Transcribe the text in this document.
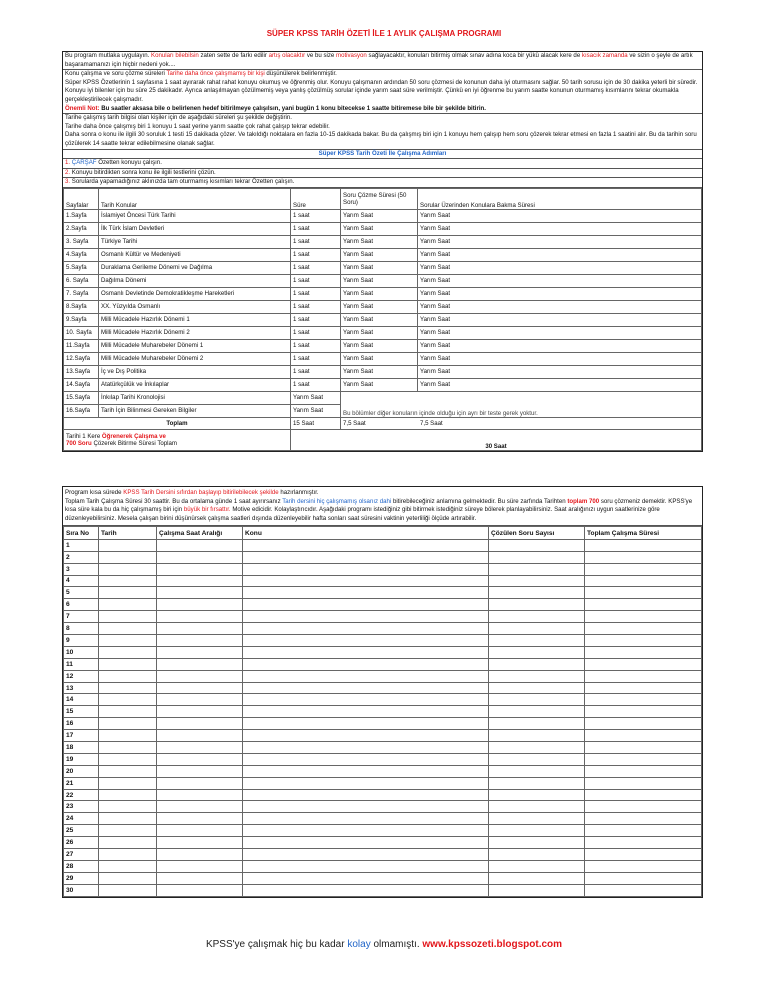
SÜPER KPSS TARİH ÖZETİ İLE 1 AYLIK ÇALIŞMA PROGRAMI
Bu program mutlaka uygulayın. Konuları bilebilsin zaten sette de farkı edilir artış olacaktır ve bu size motivasyon sağlayacaktır, konuları bitirmiş olmak sınav adına koca bir yükü alacak kere de kısacık zamanda ve sizin o şeyle de artık başaramamanızı için hiçbir nedeni yok....
Konu çalışma ve soru çözme süreleri Tarihe daha önce çalışmamış bir kişi düşünülerek belirlenmiştir.
Süper KPSS Özetlerinin 1 sayfasına 1 saat ayırarak rahat rahat konuyu okumuş ve öğrenmiş olur. Konuyu çalışmanın ardından 50 soru çözmesi de konunun daha iyi oturmasını sağlar. 50 tarih sorusu için de 30 dakika yeterli bir süredir. Konuyu iyi bilenler için bu süre 25 dakikadır. Ayrıca anlaşılmayan çözülmemiş veya yanlış çözülmüş sorular içinde yarım saat süre verilmiştir. Çünkü en iyi öğrenme bu yarım saatte konunun oturmamış kısımlarını tekrar okumakla gerçekleştirilecek çalışmadır.
Önemli Not: Bu saatler aksasa bile o belirlenen hedef bitirilmeye çalışılsın, yani bugün 1 konu bitecekse 1 saatte bitiremese bile bir şekilde bitirin.
Tarihe çalışmış tarih bilgisi olan kişiler için de aşağıdaki süreleri şu şekilde değiştirin.
Tarihe daha önce çalışmış biri 1 konuyu 1 saat yerine yarım saatte çok rahat çalışıp tekrar edebilir.
Daha sonra o konu ile ilgili 30 soruluk 1 testi 15 dakikada çözer. Ve takıldığı noktalara en fazla 10-15 dakikada bakar. Bu da çalışmış biri için 1 konuyu hem çalışıp hem soru çözerek tekrar etmesi en fazla 1 saatini alır. Bu da tarihin soru çözülerek 14 saatte tekrar edilebilmesine olanak sağlar.
Süper KPSS Tarih Özeti İle Çalışma Adımları
1. ÇARŞAF Özetten konuyu çalışın.
2. Konuyu bitirdikten sonra konu ile ilgili testlerini çözün.
3. Sorularda yapamadığınız aklınızda tam oturmamış kısımları tekrar Özetten çalışın.
Sayfalar	Tarih Konular	Süre	Soru Çözme Süresi (50 Soru)	Sorular Üzerinden Konulara Bakma Süresi
1.Sayfa	İslamiyet Öncesi Türk Tarihi	1 saat	Yarım Saat	Yarım Saat
2.Sayfa	İlk Türk İslam Devletleri	1 saat	Yarım Saat	Yarım Saat
3. Sayfa	Türkiye Tarihi	1 saat	Yarım Saat	Yarım Saat
4.Sayfa	Osmanlı Kültür ve Medeniyeti	1 saat	Yarım Saat	Yarım Saat
5.Sayfa	Duraklama Gerileme Dönemi ve Dağılma	1 saat	Yarım Saat	Yarım Saat
6. Sayfa	Dağılma Dönemi	1 saat	Yarım Saat	Yarım Saat
7. Sayfa	Osmanlı Devletinde Demokratikleşme Hareketleri	1 saat	Yarım Saat	Yarım Saat
8.Sayfa	XX. Yüzyılda Osmanlı	1 saat	Yarım Saat	Yarım Saat
9.Sayfa	Milli Mücadele Hazırlık Dönemi 1	1 saat	Yarım Saat	Yarım Saat
10. Sayfa	Milli Mücadele Hazırlık Dönemi 2	1 saat	Yarım Saat	Yarım Saat
11.Sayfa	Milli Mücadele Muharebeler Dönemi 1	1 saat	Yarım Saat	Yarım Saat
12.Sayfa	Milli Mücadele Muharebeler Dönemi 2	1 saat	Yarım Saat	Yarım Saat
13.Sayfa	İç ve Dış Politika	1 saat	Yarım Saat	Yarım Saat
14.Sayfa	Atatürkçülük ve İnkılaplar	1 saat	Yarım Saat	Yarım Saat
15.Sayfa	İnkılap Tarihi Kronolojisi	Yarım Saat	Bu bölümler diğer konuların içinde olduğu için ayrı bir teste gerek yoktur.	
16.Sayfa	Tarih İçin Bilinmesi Gereken Bilgiler	Yarım Saat		
Toplam		15 Saat	7,5 Saat 7,5 Saat	
Tarihi 1 Kere Öğrenerek Çalışma ve
700 Soru Çözerek Bitirme Süresi Toplam		30 Saat		
Program kısa sürede KPSS Tarih Dersini sıfırdan başlayıp bitirilebilecek şekilde hazırlanmıştır.
Toplam Tarih Çalışma Süresi 30 saattir. Bu da ortalama günde 1 saat ayırırsanız Tarih dersini hiç çalışmamış olsanız dahi bitirebileceğiniz anlamına gelmektedir. Bu süre zarfında Tarihten toplam 700 soru çözmeniz demektir. KPSS'ye kısa süre kala bu da hiç çalışmamış biri için büyük bir fırsattır. Motive edicidir. Kolaylaştırıcıdır. Aşağıdaki programı istediğiniz gibi bitirmek istediğiniz süreye bölerek planlayabilirsiniz. Saat aralığınızı uygun saatlerinize göre düzenleyebilirsiniz. Mesela çalışan birini düşünürsek çalışma saatleri dışında düzenleyebilir hafta sonları saat süresini vaktinin yeterliliği ölçüde artırabilir.
Sıra No	Tarih	Çalışma Saat Aralığı	Konu	Çözülen Soru Sayısı	Toplam Çalışma Süresi
1					
2					
3					
4					
5					
6					
7					
8					
9					
10					
11					
12					
13					
14					
15					
16					
17					
18					
19					
20					
21					
22					
23					
24					
25					
26					
27					
28					
29					
30					
KPSS'ye çalışmak hiç bu kadar kolay olmamıştı. www.kpssozeti.blogspot.com
